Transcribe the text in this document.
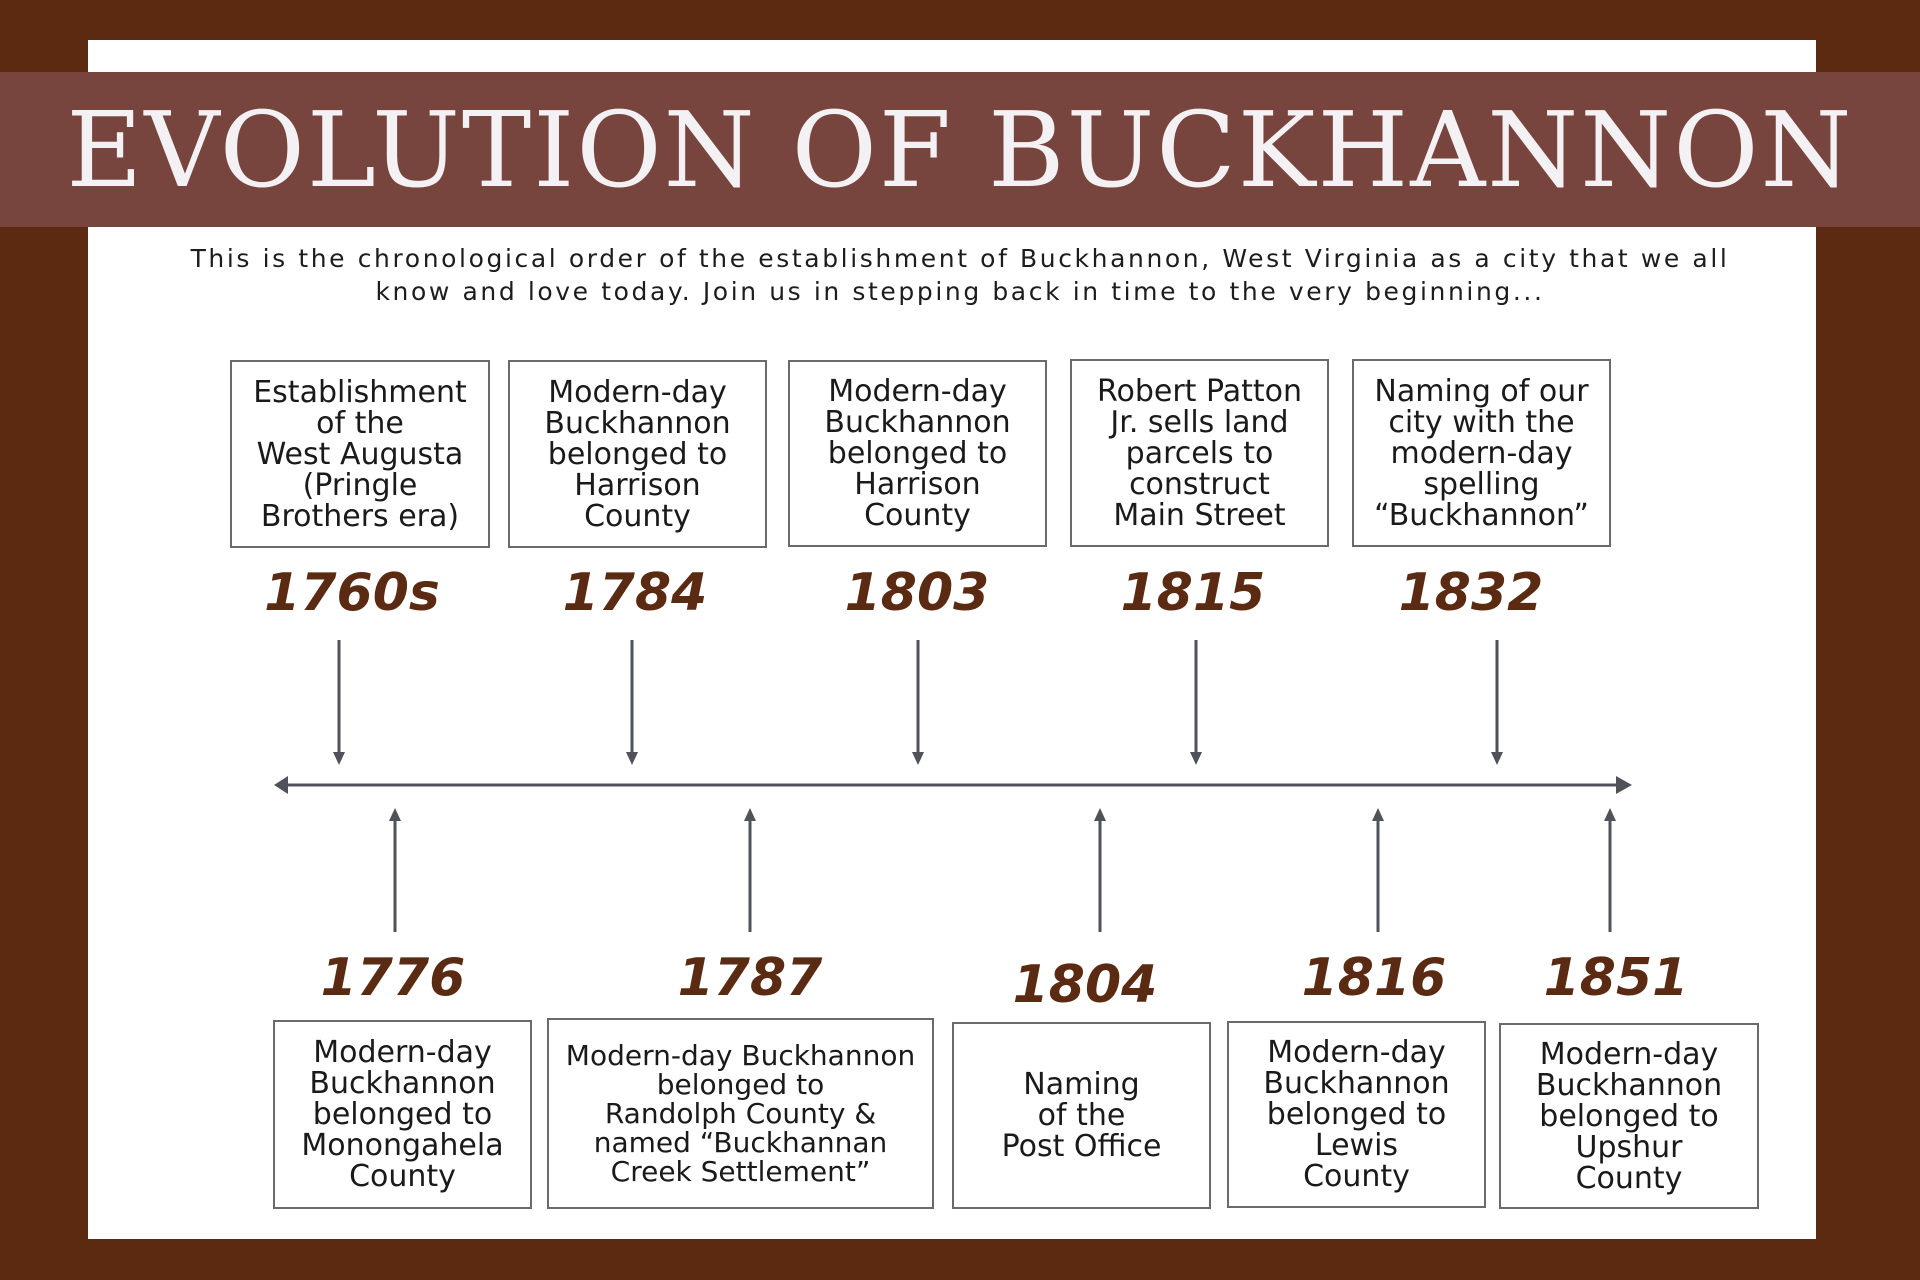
EVOLUTION OF BUCKHANNON
This is the chronological order of the establishment of Buckhannon, West Virginia as a city that we all know and love today. Join us in stepping back in time to the very beginning...
Establishment
of the
West Augusta
(Pringle
Brothers era)
Modern-day
Buckhannon
belonged to
Harrison
County
Modern-day
Buckhannon
belonged to
Harrison
County
Robert Patton
Jr. sells land
parcels to
construct
Main Street
Naming of our
city with the
modern-day
spelling
“Buckhannon”
1760s	1784	1803	1815	1832
1776	1787	1804	1816	1851
Modern-day
Buckhannon
belonged to
Monongahela
County
Modern-day Buckhannon
belonged to
Randolph County &
named “Buckhannan
Creek Settlement”
Naming
of the
Post Office
Modern-day
Buckhannon
belonged to
Lewis
County
Modern-day
Buckhannon
belonged to
Upshur
County
